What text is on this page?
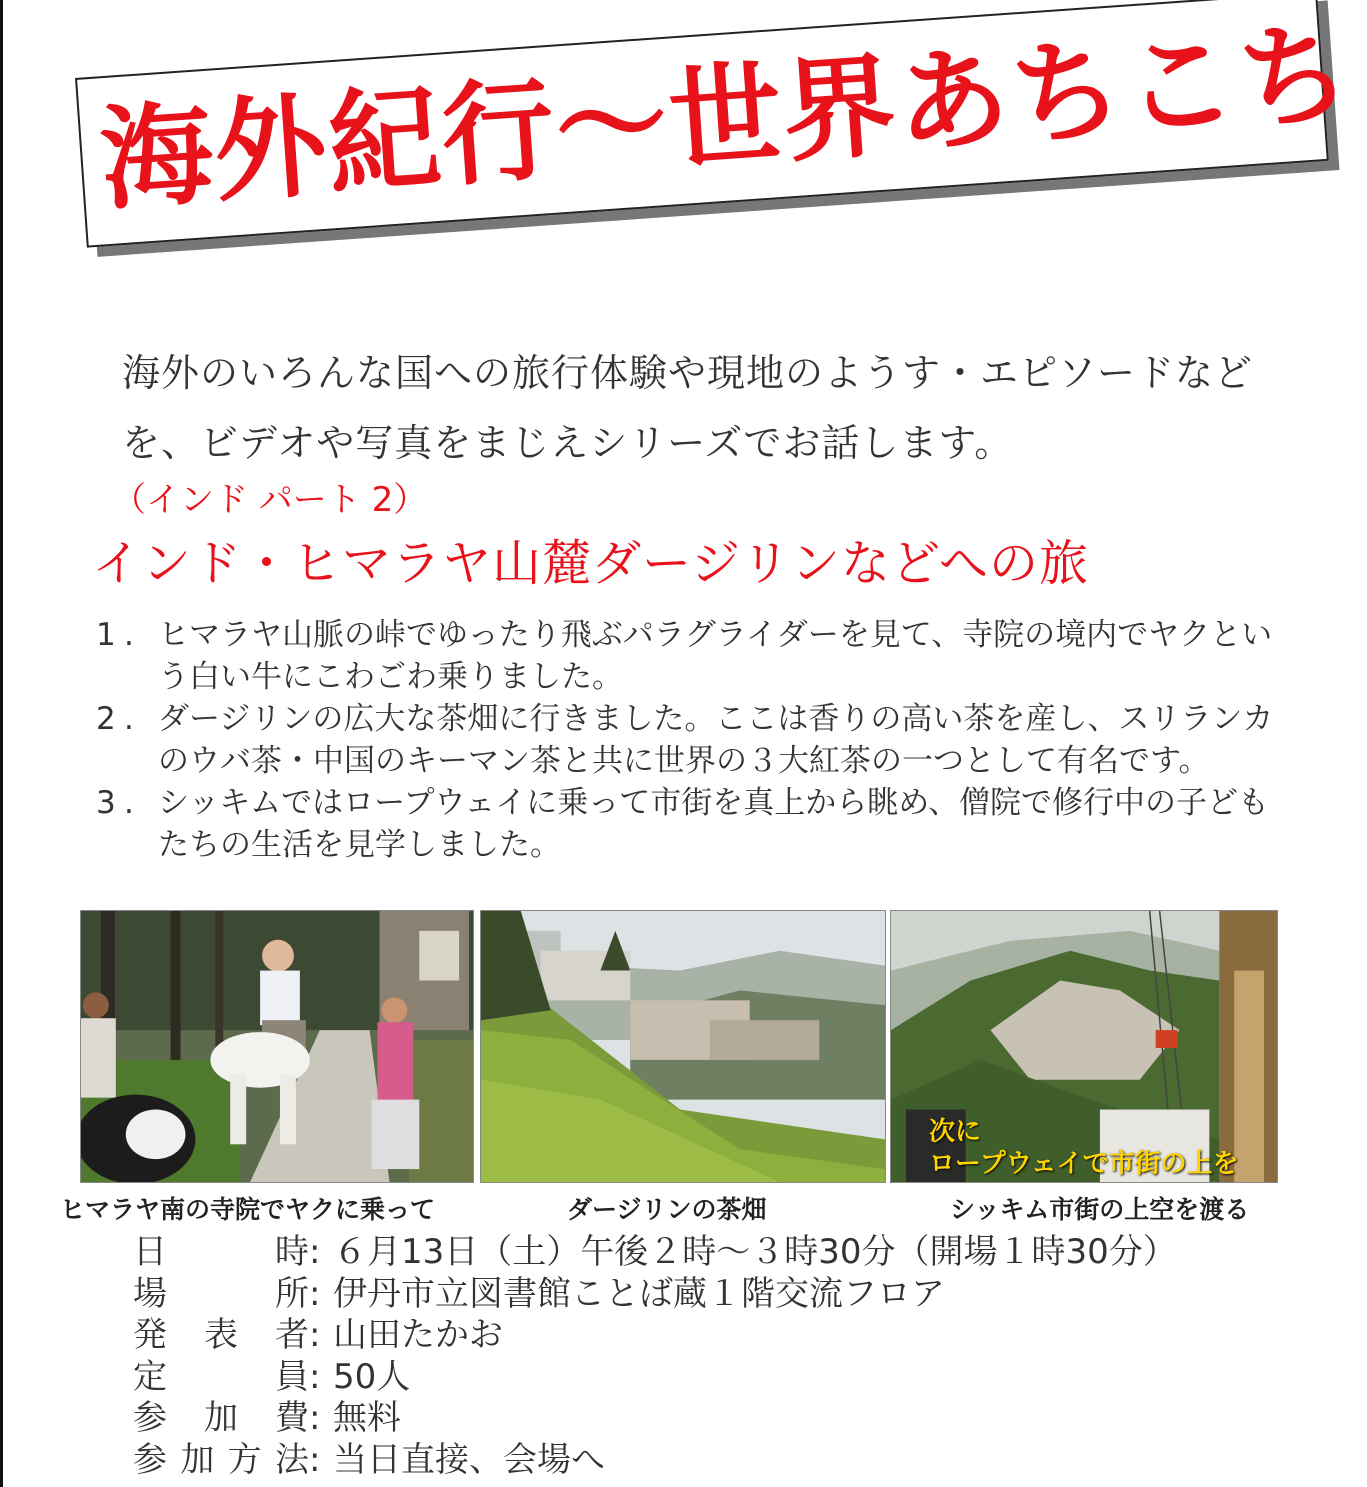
海外紀行～世界あちこち
海外のいろんな国への旅行体験や現地のようす・エピソードなどを、ビデオや写真をまじえシリーズでお話します。
（インド パート 2）
インド・ヒマラヤ山麓ダージリンなどへの旅
1 . ヒマラヤ山脈の峠でゆったり飛ぶパラグライダーを見て、寺院の境内でヤクという白い牛にこわごわ乗りました。
2 . ダージリンの広大な茶畑に行きました。ここは香りの高い茶を産し、スリランカのウバ茶・中国のキーマン茶と共に世界の３大紅茶の一つとして有名です。
3 . シッキムではロープウェイに乗って市街を真上から眺め、僧院で修行中の子どもたちの生活を見学しました。
次に
ロープウェイで市街の上を
ヒマラヤ南の寺院でヤクに乗って	ダージリンの茶畑	シッキム市街の上空を渡る
日	時 : ６月13日（土）午後２時～３時30分（開場１時30分）
場	所 : 伊丹市立図書館ことば蔵１階交流フロア
発 表 者 : 山田たかお
定	員 : 50人
参 加 費 : 無料
参 加 方 法 : 当日直接、会場へ
